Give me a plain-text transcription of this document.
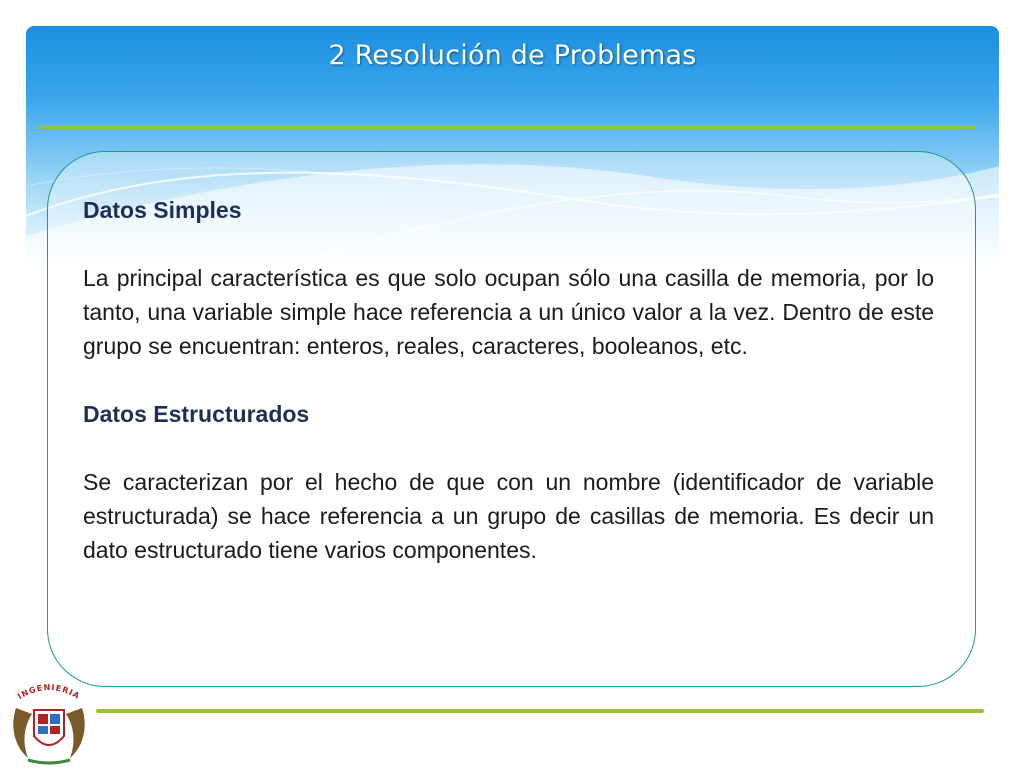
2 Resolución de Problemas

Datos Simples

La principal característica es que solo ocupan sólo una casilla de memoria, por lo tanto, una variable simple hace referencia a un único valor a la vez. Dentro de este grupo se encuentran: enteros, reales, caracteres, booleanos, etc.

Datos Estructurados

Se caracterizan por el hecho de que con un nombre (identificador de variable estructurada) se hace referencia a un grupo de casillas de memoria. Es decir un dato estructurado tiene varios componentes.

INGENIERIA
